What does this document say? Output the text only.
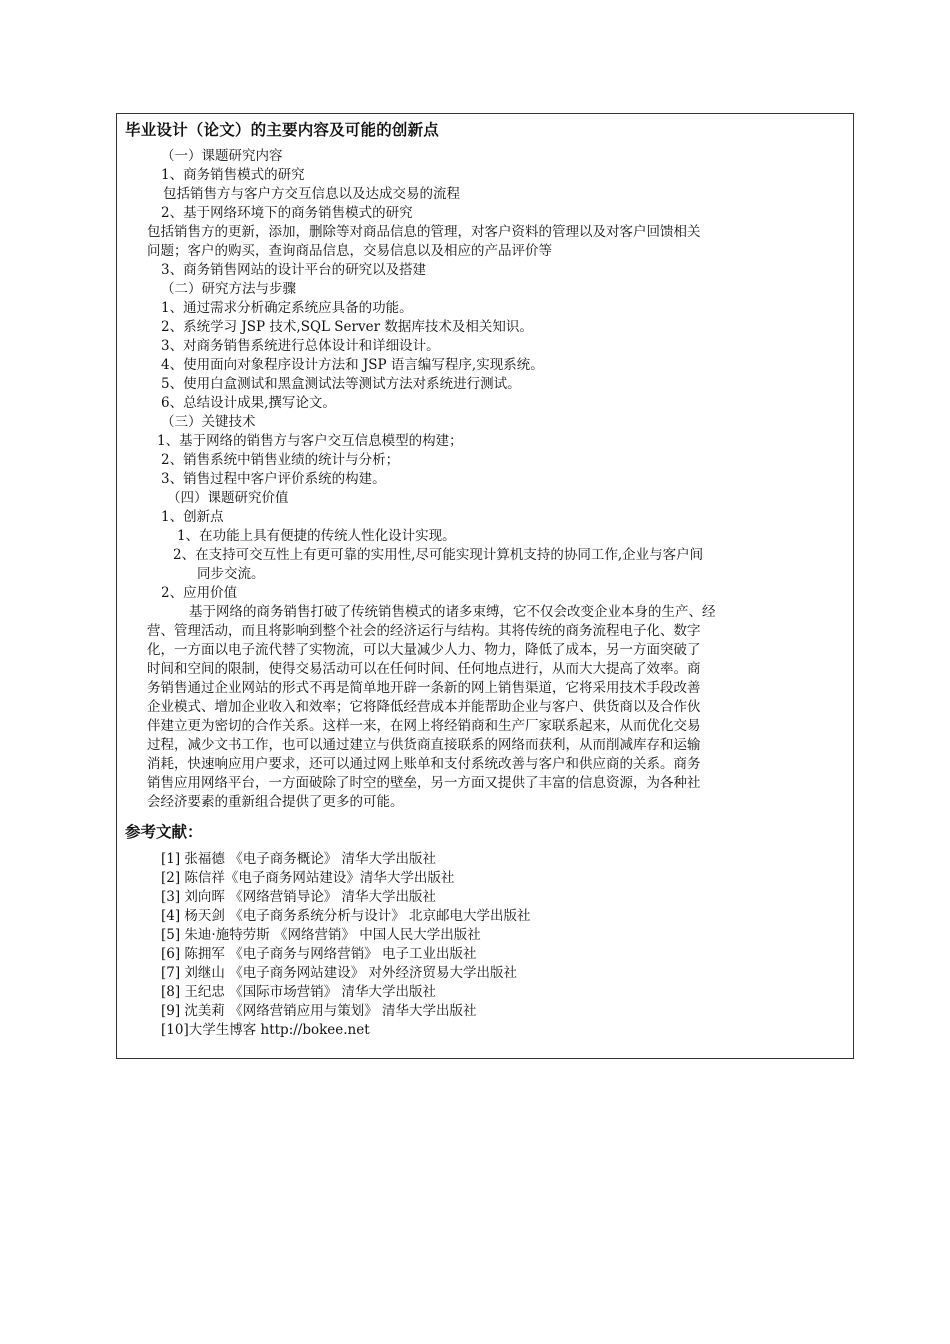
毕业设计（论文）的主要内容及可能的创新点
（一）课题研究内容
1、商务销售模式的研究
包括销售方与客户方交互信息以及达成交易的流程
2、基于网络环境下的商务销售模式的研究
包括销售方的更新，添加，删除等对商品信息的管理，对客户资料的管理以及对客户回馈相关
问题；客户的购买，查询商品信息，交易信息以及相应的产品评价等
3、商务销售网站的设计平台的研究以及搭建
（二）研究方法与步骤
1、通过需求分析确定系统应具备的功能。
2、系统学习 JSP 技术,SQL Server 数据库技术及相关知识。
3、对商务销售系统进行总体设计和详细设计。
4、使用面向对象程序设计方法和 JSP 语言编写程序,实现系统。
5、使用白盒测试和黑盒测试法等测试方法对系统进行测试。
6、总结设计成果,撰写论文。
（三）关键技术
1、基于网络的销售方与客户交互信息模型的构建；
2、销售系统中销售业绩的统计与分析；
3、销售过程中客户评价系统的构建。
（四）课题研究价值
1、创新点
1、在功能上具有便捷的传统人性化设计实现。
2、在支持可交互性上有更可靠的实用性,尽可能实现计算机支持的协同工作,企业与客户间
同步交流。
2、应用价值
基于网络的商务销售打破了传统销售模式的诸多束缚，它不仅会改变企业本身的生产、经
营、管理活动，而且将影响到整个社会的经济运行与结构。其将传统的商务流程电子化、数字
化，一方面以电子流代替了实物流，可以大量减少人力、物力，降低了成本，另一方面突破了
时间和空间的限制，使得交易活动可以在任何时间、任何地点进行，从而大大提高了效率。商
务销售通过企业网站的形式不再是简单地开辟一条新的网上销售渠道，它将采用技术手段改善
企业模式、增加企业收入和效率；它将降低经营成本并能帮助企业与客户、供货商以及合作伙
伴建立更为密切的合作关系。这样一来，在网上将经销商和生产厂家联系起来，从而优化交易
过程，减少文书工作，也可以通过建立与供货商直接联系的网络而获利，从而削减库存和运输
消耗，快速响应用户要求，还可以通过网上账单和支付系统改善与客户和供应商的关系。商务
销售应用网络平台，一方面破除了时空的壁垒，另一方面又提供了丰富的信息资源，为各种社
会经济要素的重新组合提供了更多的可能。
参考文献：
[1] 张福德 《电子商务概论》 清华大学出版社
[2] 陈信祥《电子商务网站建设》清华大学出版社
[3] 刘向晖 《网络营销导论》 清华大学出版社
[4] 杨天剑 《电子商务系统分析与设计》 北京邮电大学出版社
[5] 朱迪·施特劳斯 《网络营销》 中国人民大学出版社
[6] 陈拥军 《电子商务与网络营销》 电子工业出版社
[7] 刘继山 《电子商务网站建设》 对外经济贸易大学出版社
[8] 王纪忠 《国际市场营销》 清华大学出版社
[9] 沈美莉 《网络营销应用与策划》 清华大学出版社
[10]大学生博客 http://bokee.net
